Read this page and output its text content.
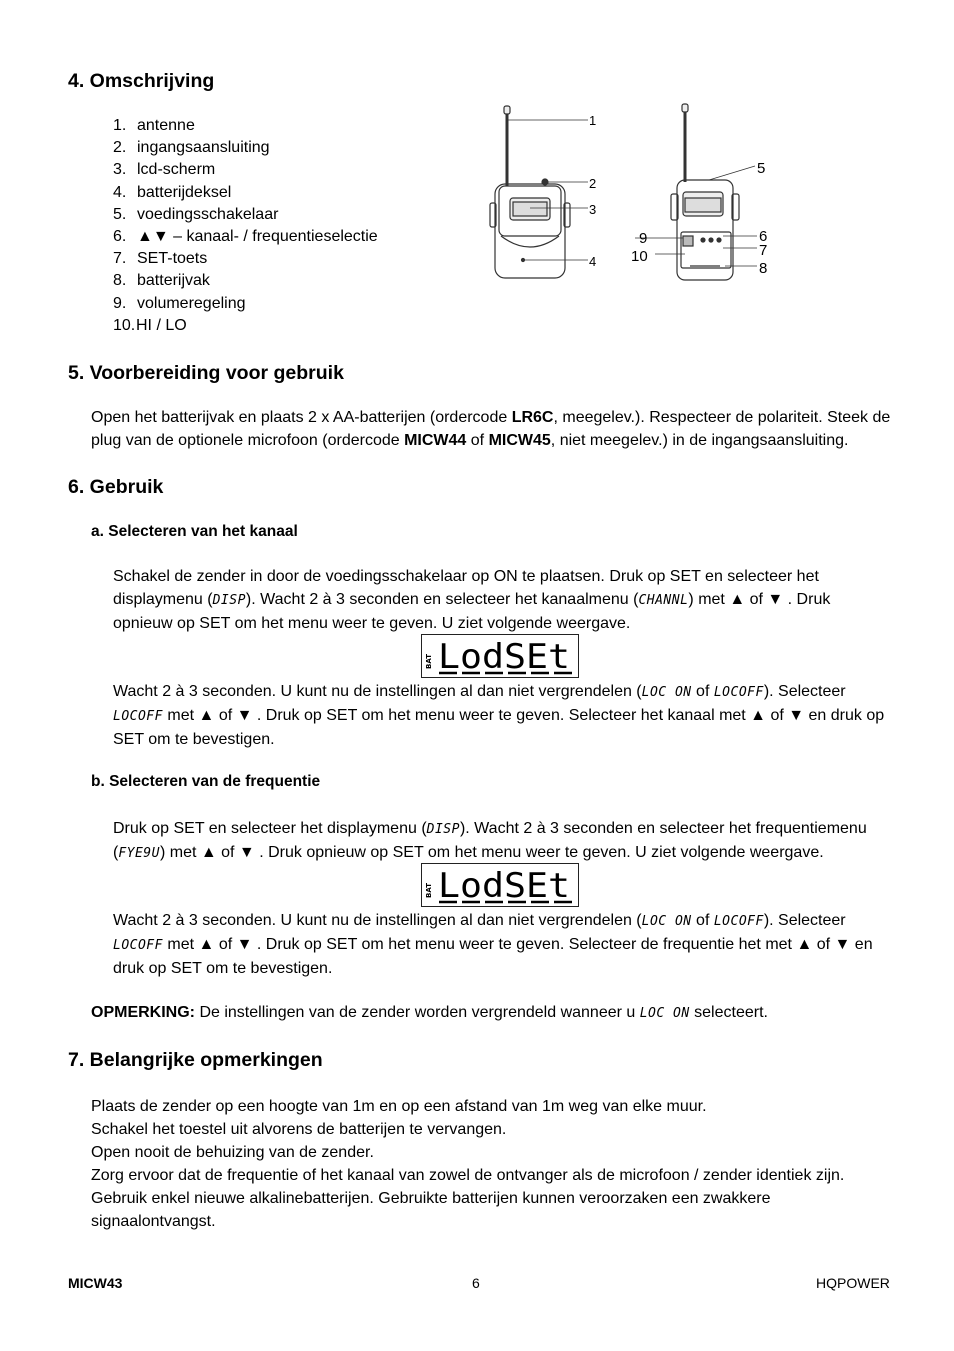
4. Omschrijving
1. antenne
2. ingangsaansluiting
3. lcd-scherm
4. batterijdeksel
5. voedingsschakelaar
6. ▲▼ – kanaal- / frequentieselectie
7. SET-toets
8. batterijvak
9. volumeregeling
10.HI / LO
1
2
3
4
5
6
7
8
9
10
5. Voorbereiding voor gebruik

Open het batterijvak en plaats 2 x AA-batterijen (ordercode LR6C, meegelev.). Respecteer de polariteit. Steek de
plug van de optionele microfoon (ordercode MICW44 of MICW45, niet meegelev.) in de ingangsaansluiting.

6. Gebruik
a. Selecteren van het kanaal

Schakel de zender in door de voedingsschakelaar op ON te plaatsen. Druk op SET en selecteer het
displaymenu (DISP). Wacht 2 à 3 seconden en selecteer het kanaalmenu (CHANNL) met ▲ of ▼ . Druk
opnieuw op SET om het menu weer te geven. U ziet volgende weergave.

BAT LodSEt

Wacht 2 à 3 seconden. U kunt nu de instellingen al dan niet vergrendelen (LOC ON of LOCOFF). Selecteer
LOCOFF met ▲ of ▼ . Druk op SET om het menu weer te geven. Selecteer het kanaal met ▲ of ▼ en druk op
SET om te bevestigen.

b. Selecteren van de frequentie

Druk op SET en selecteer het displaymenu (DISP). Wacht 2 à 3 seconden en selecteer het frequentiemenu
(FYE9U) met ▲ of ▼ . Druk opnieuw op SET om het menu weer te geven. U ziet volgende weergave.

BAT LodSEt

Wacht 2 à 3 seconden. U kunt nu de instellingen al dan niet vergrendelen (LOC ON of LOCOFF). Selecteer
LOCOFF met ▲ of ▼ . Druk op SET om het menu weer te geven. Selecteer de frequentie het met ▲ of ▼ en
druk op SET om te bevestigen.

OPMERKING: De instellingen van de zender worden vergrendeld wanneer u LOC ON selecteert.

7. Belangrijke opmerkingen

Plaats de zender op een hoogte van 1m en op een afstand van 1m weg van elke muur.
Schakel het toestel uit alvorens de batterijen te vervangen.
Open nooit de behuizing van de zender.
Zorg ervoor dat de frequentie of het kanaal van zowel de ontvanger als de microfoon / zender identiek zijn.
Gebruik enkel nieuwe alkalinebatterijen. Gebruikte batterijen kunnen veroorzaken een zwakkere
signaalontvangst.

MICW43	6	HQPOWER
